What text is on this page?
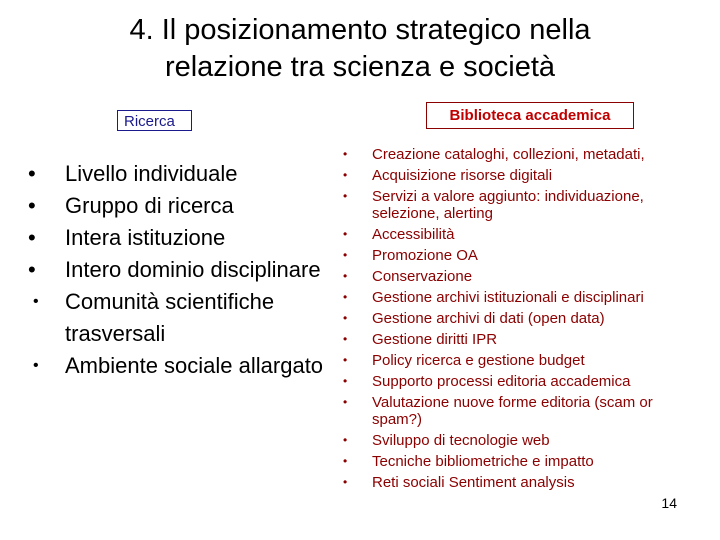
4. Il posizionamento strategico nella
relazione tra scienza e società
Ricerca	Biblioteca accademica
• Livello individuale
• Gruppo di ricerca
• Intera istituzione
• Intero dominio disciplinare
• Comunità scientifiche trasversali
• Ambiente sociale allargato
• Creazione cataloghi, collezioni, metadati,
• Acquisizione risorse digitali
• Servizi a valore aggiunto: individuazione, selezione, alerting
• Accessibilità
• Promozione OA
• Conservazione
• Gestione archivi istituzionali e disciplinari
• Gestione archivi di dati (open data)
• Gestione diritti IPR
• Policy ricerca e gestione budget
• Supporto processi editoria accademica
• Valutazione nuove forme editoria (scam or spam?)
• Sviluppo di tecnologie web
• Tecniche bibliometriche e impatto
• Reti sociali Sentiment analysis
14
